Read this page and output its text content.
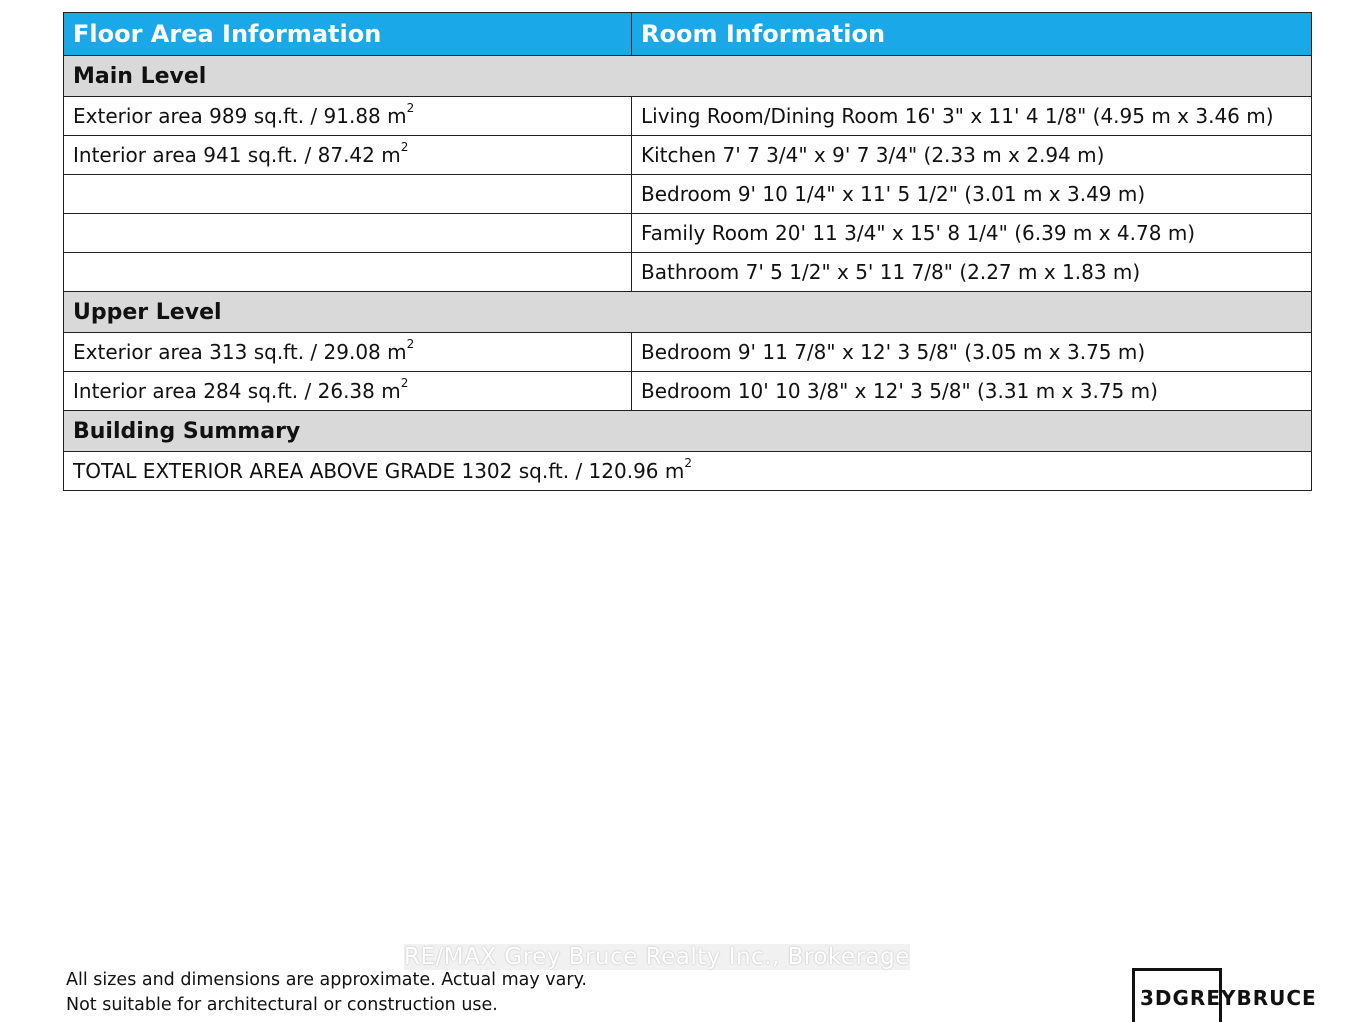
Floor Area Information	Room Information
Main Level	
Exterior area 989 sq.ft. / 91.88 $m^2$	Living Room/Dining Room 16' 3" x 11' 4 1/8" (4.95 m x 3.46 m)
Interior area 941 sq.ft. / 87.42 $m^2$	Kitchen 7' 7 3/4" x 9' 7 3/4" (2.33 m x 2.94 m)
	Bedroom 9' 10 1/4" x 11' 5 1/2" (3.01 m x 3.49 m)
	Family Room 20' 11 3/4" x 15' 8 1/4" (6.39 m x 4.78 m)
	Bathroom 7' 5 1/2" x 5' 11 7/8" (2.27 m x 1.83 m)
Upper Level	
Exterior area 313 sq.ft. / 29.08 $m^2$	Bedroom 9' 11 7/8" x 12' 3 5/8" (3.05 m x 3.75 m)
Interior area 284 sq.ft. / 26.38 $m^2$	Bedroom 10' 10 3/8" x 12' 3 5/8" (3.31 m x 3.75 m)
Building Summary	
TOTAL EXTERIOR AREA ABOVE GRADE 1302 sq.ft. / 120.96 $m^2$
RE/MAX Grey Bruce Realty Inc., Brokerage
All sizes and dimensions are approximate. Actual may vary.
Not suitable for architectural or construction use.	3DGREYBRUCE
